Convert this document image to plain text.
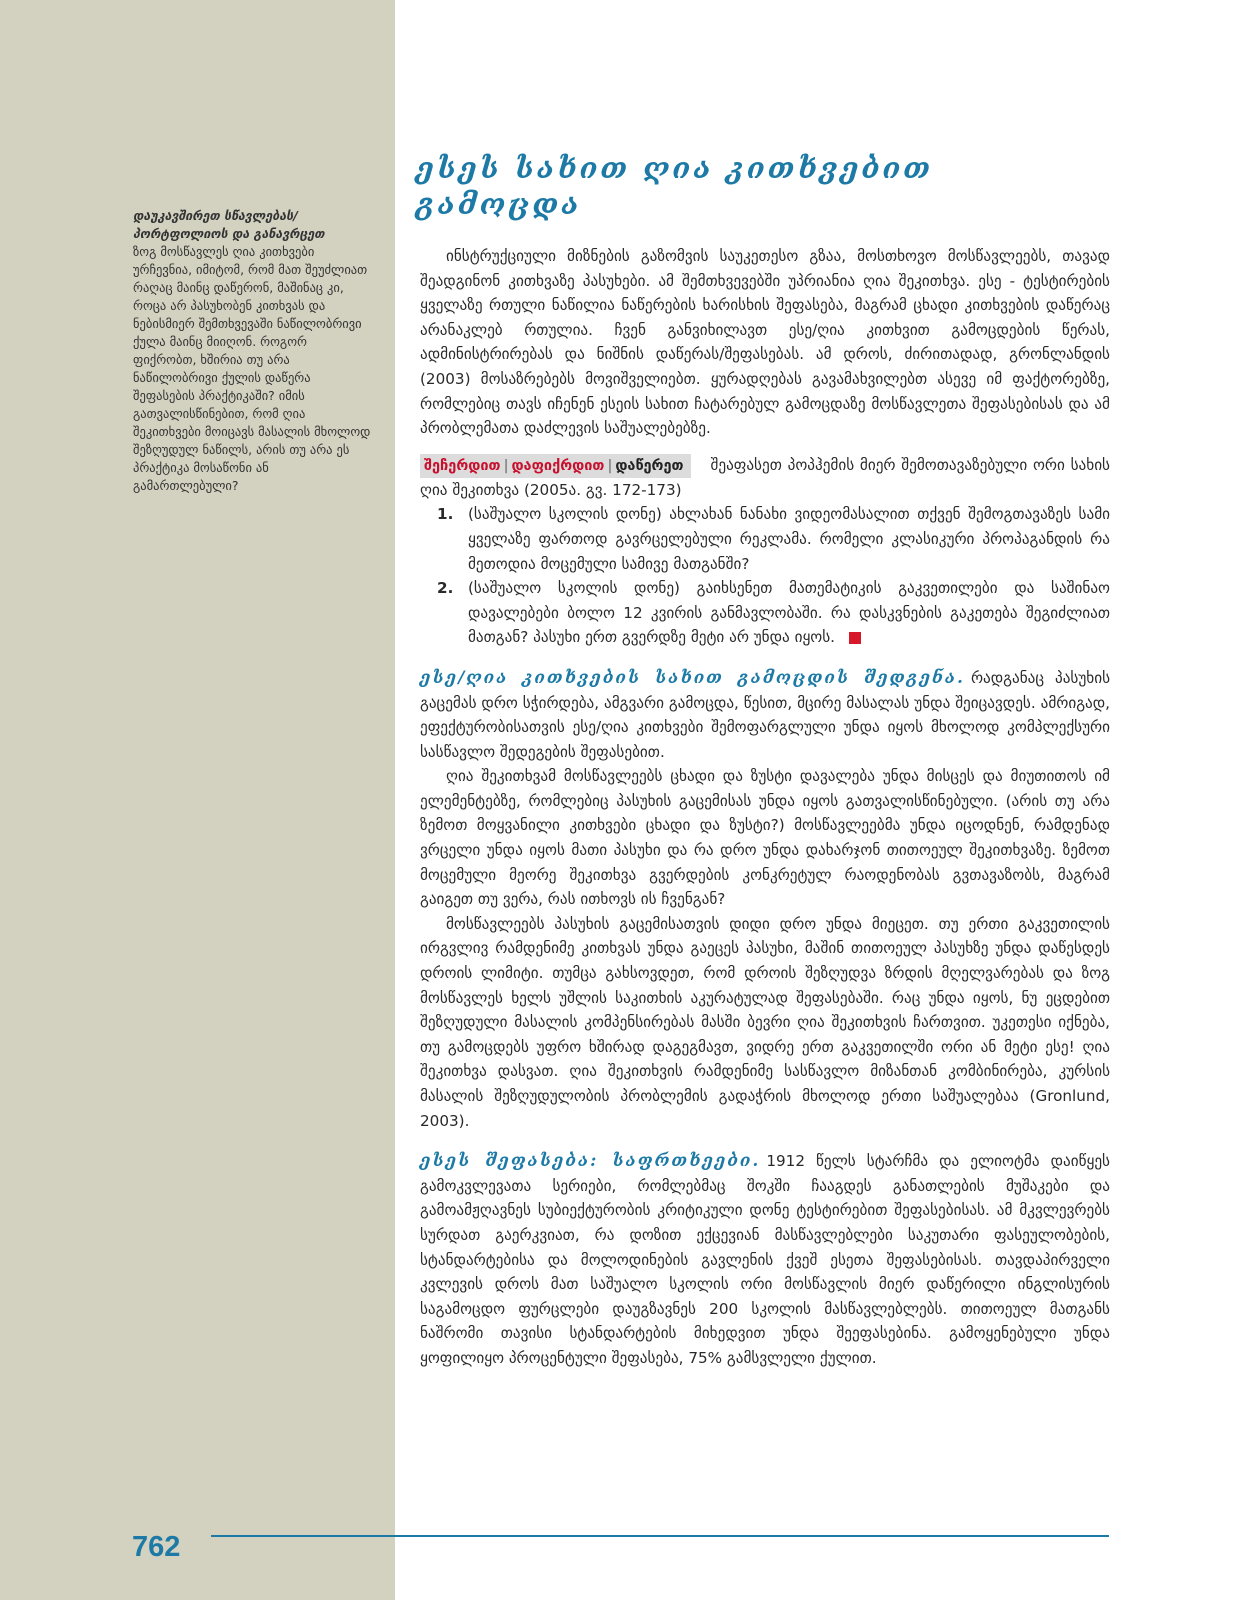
დაუკავშირეთ სწავლებას/ პორტფოლიოს და განავრცეთ
ზოგ მოსწავლეს ღია კითხვები ურჩევნია, იმიტომ, რომ მათ შეუძლიათ რაღაც მაინც დაწერონ, მაშინაც კი, როცა არ პასუხობენ კითხვას და ნებისმიერ შემთხვევაში ნაწილობრივი ქულა მაინც მიიღონ. როგორ ფიქრობთ, ხშირია თუ არა ნაწილობრივი ქულის დაწერა შეფასების პრაქტიკაში? იმის გათვალისწინებით, რომ ღია შეკითხვები მოიცავს მასალის მხოლოდ შეზღუდულ ნაწილს, არის თუ არა ეს პრაქტიკა მოსაწონი ან გამართლებული?
ესეს სახით ღია კითხვებით გამოცდა

ინსტრუქციული მიზნების გაზომვის საუკეთესო გზაა, მოსთხოვო მოსწავლეებს, თავად შეადგინონ კითხვაზე პასუხები. ამ შემთხვევებში უპრიანია ღია შეკითხვა. ესე - ტესტირების ყველაზე რთული ნაწილია ნაწერების ხარისხის შეფასება, მაგრამ ცხადი კითხვების დაწერაც არანაკლებ რთულია. ჩვენ განვიხილავთ ესე/ღია კითხვით გამოცდების წერას, ადმინისტრირებას და ნიშნის დაწერას/შეფასებას. ამ დროს, ძირითადად, გრონლანდის (2003) მოსაზრებებს მოვიშველიებთ. ყურადღებას გავამახვილებთ ასევე იმ ფაქტორებზე, რომლებიც თავს იჩენენ ესეის სახით ჩატარებულ გამოცდაზე მოსწავლეთა შეფასებისას და ამ პრობლემათა დაძლევის საშუალებებზე.

შეჩერდით | დაფიქრდით | დაწერეთ შეაფასეთ პოპჰემის მიერ შემოთავაზებული ორი სახის ღია შეკითხვა (2005ა. გვ. 172-173)
1. (საშუალო სკოლის დონე) ახლახან ნანახი ვიდეომასალით თქვენ შემოგთავაზეს სამი ყველაზე ფართოდ გავრცელებული რეკლამა. რომელი კლასიკური პროპაგანდის რა მეთოდია მოცემული სამივე მათგანში?
2. (საშუალო სკოლის დონე) გაიხსენეთ მათემატიკის გაკვეთილები და საშინაო დავალებები ბოლო 12 კვირის განმავლობაში. რა დასკვნების გაკეთება შეგიძლიათ მათგან? პასუხი ერთ გვერდზე მეტი არ უნდა იყოს.

ესე/ღია კითხვების სახით გამოცდის შედგენა. რადგანაც პასუხის გაცემას დრო სჭირდება, ამგვარი გამოცდა, წესით, მცირე მასალას უნდა შეიცავდეს. ამრიგად, ეფექტურობისათვის ესე/ღია კითხვები შემოფარგლული უნდა იყოს მხოლოდ კომპლექსური სასწავლო შედეგების შეფასებით.

ღია შეკითხვამ მოსწავლეებს ცხადი და ზუსტი დავალება უნდა მისცეს და მიუთითოს იმ ელემენტებზე, რომლებიც პასუხის გაცემისას უნდა იყოს გათვალისწინებული. (არის თუ არა ზემოთ მოყვანილი კითხვები ცხადი და ზუსტი?) მოსწავლეებმა უნდა იცოდნენ, რამდენად ვრცელი უნდა იყოს მათი პასუხი და რა დრო უნდა დახარჯონ თითოეულ შეკითხვაზე. ზემოთ მოცემული მეორე შეკითხვა გვერდების კონკრეტულ რაოდენობას გვთავაზობს, მაგრამ გაიგეთ თუ ვერა, რას ითხოვს ის ჩვენგან?

მოსწავლეებს პასუხის გაცემისათვის დიდი დრო უნდა მიეცეთ. თუ ერთი გაკვეთილის ირგვლივ რამდენიმე კითხვას უნდა გაეცეს პასუხი, მაშინ თითოეულ პასუხზე უნდა დაწესდეს დროის ლიმიტი. თუმცა გახსოვდეთ, რომ დროის შეზღუდვა ზრდის მღელვარებას და ზოგ მოსწავლეს ხელს უშლის საკითხის აკურატულად შეფასებაში. რაც უნდა იყოს, ნუ ეცდებით შეზღუდული მასალის კომპენსირებას მასში ბევრი ღია შეკითხვის ჩართვით. უკეთესი იქნება, თუ გამოცდებს უფრო ხშირად დაგეგმავთ, ვიდრე ერთ გაკვეთილში ორი ან მეტი ესე! ღია შეკითხვა დასვათ. ღია შეკითხვის რამდენიმე სასწავლო მიზანთან კომბინირება, კურსის მასალის შეზღუდულობის პრობლემის გადაჭრის მხოლოდ ერთი საშუალებაა (Gronlund, 2003).

ესეს შეფასება: საფრთხეები. 1912 წელს სტარჩმა და ელიოტმა დაიწყეს გამოკვლევათა სერიები, რომლებმაც შოკში ჩააგდეს განათლების მუშაკები და გამოამჟღავნეს სუბიექტურობის კრიტიკული დონე ტესტირებით შეფასებისას. ამ მკვლევრებს სურდათ გაერკვიათ, რა დოზით ექცევიან მასწავლებლები საკუთარი ფასეულობების, სტანდარტებისა და მოლოდინების გავლენის ქვეშ ესეთა შეფასებისას. თავდაპირველი კვლევის დროს მათ საშუალო სკოლის ორი მოსწავლის მიერ დაწერილი ინგლისურის საგამოცდო ფურცლები დაუგზავნეს 200 სკოლის მასწავლებლებს. თითოეულ მათგანს ნაშრომი თავისი სტანდარტების მიხედვით უნდა შეეფასებინა. გამოყენებული უნდა ყოფილიყო პროცენტული შეფასება, 75% გამსვლელი ქულით.

762
